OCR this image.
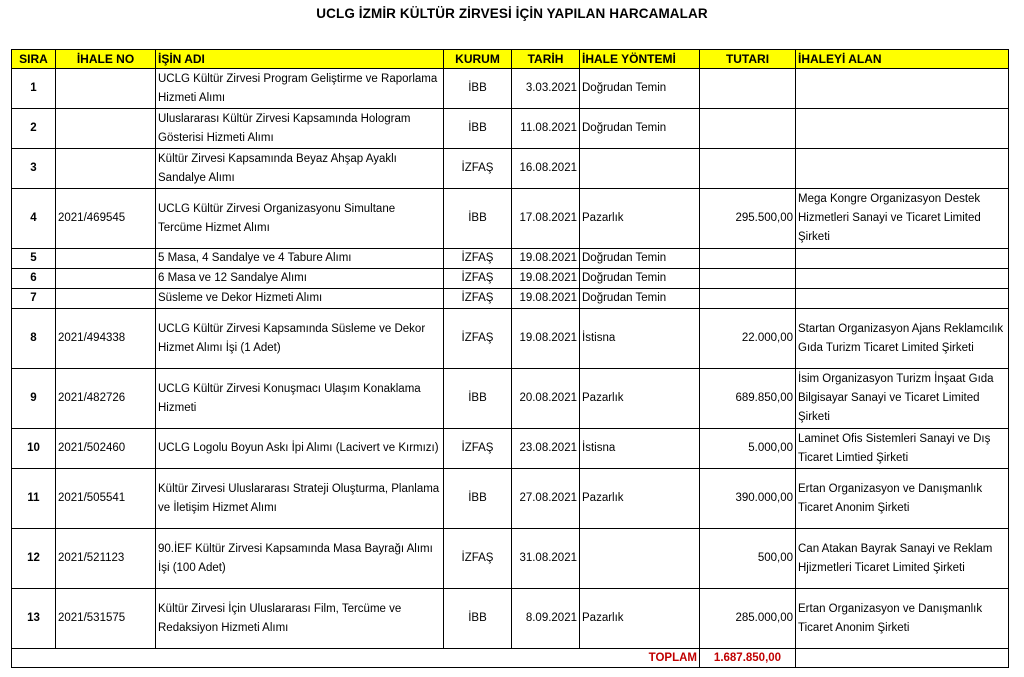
UCLG İZMİR KÜLTÜR ZİRVESİ İÇİN YAPILAN HARCAMALAR
SIRA	İHALE NO	İŞİN ADI	KURUM	TARİH	İHALE YÖNTEMİ	TUTARI	İHALEYİ ALAN
1		UCLG Kültür Zirvesi Program Geliştirme ve Raporlama Hizmeti Alımı	İBB	3.03.2021	Doğrudan Temin		
2		Uluslararası Kültür Zirvesi Kapsamında Hologram Gösterisi Hizmeti Alımı	İBB	11.08.2021	Doğrudan Temin		
3		Kültür Zirvesi Kapsamında Beyaz Ahşap Ayaklı Sandalye Alımı	İZFAŞ	16.08.2021			
4	2021/469545	UCLG Kültür Zirvesi Organizasyonu Simultane Tercüme Hizmet Alımı	İBB	17.08.2021	Pazarlık	295.500,00	Mega Kongre Organizasyon Destek Hizmetleri Sanayi ve Ticaret Limited Şirketi
5		5 Masa, 4 Sandalye ve 4 Tabure Alımı	İZFAŞ	19.08.2021	Doğrudan Temin		
6		6 Masa ve 12 Sandalye Alımı	İZFAŞ	19.08.2021	Doğrudan Temin		
7		Süsleme ve Dekor Hizmeti Alımı	İZFAŞ	19.08.2021	Doğrudan Temin		
8	2021/494338	UCLG Kültür Zirvesi Kapsamında Süsleme ve Dekor Hizmet Alımı İşi (1 Adet)	İZFAŞ	19.08.2021	İstisna	22.000,00	Startan Organizasyon Ajans Reklamcılık Gıda Turizm Ticaret Limited Şirketi
9	2021/482726	UCLG Kültür Zirvesi Konuşmacı Ulaşım Konaklama Hizmeti	İBB	20.08.2021	Pazarlık	689.850,00	İsim Organizasyon Turizm İnşaat Gıda Bilgisayar Sanayi ve Ticaret Limited Şirketi
10	2021/502460	UCLG Logolu Boyun Askı İpi Alımı (Lacivert ve Kırmızı)	İZFAŞ	23.08.2021	İstisna	5.000,00	Laminet Ofis Sistemleri Sanayi ve Dış Ticaret Limtied Şirketi
11	2021/505541	Kültür Zirvesi Uluslararası Strateji Oluşturma, Planlama ve İletişim Hizmet Alımı	İBB	27.08.2021	Pazarlık	390.000,00	Ertan Organizasyon ve Danışmanlık Ticaret Anonim Şirketi
12	2021/521123	90.İEF Kültür Zirvesi Kapsamında Masa Bayrağı Alımı İşi (100 Adet)	İZFAŞ	31.08.2021		500,00	Can Atakan Bayrak Sanayi ve Reklam Hjizmetleri Ticaret Limited Şirketi
13	2021/531575	Kültür Zirvesi İçin Uluslararası Film, Tercüme ve Redaksiyon Hizmeti Alımı	İBB	8.09.2021	Pazarlık	285.000,00	Ertan Organizasyon ve Danışmanlık Ticaret Anonim Şirketi
TOPLAM						1.687.850,00	
